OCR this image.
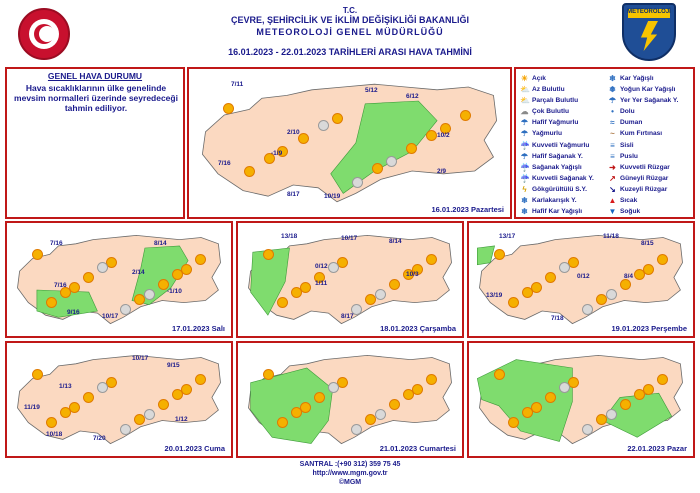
T.C.
ÇEVRE, ŞEHİRCİLİK VE İKLİM DEĞİŞİKLİĞİ BAKANLIĞI
METEOROLOJİ GENEL MÜDÜRLÜĞÜ
16.01.2023 - 22.01.2023 TARİHLERİ ARASI HAVA TAHMİNİ
METEOROLOJİ
GENEL HAVA DURUMU
Hava sıcaklıklarının ülke genelinde mevsim normalleri üzerinde seyredeceği tahmin ediliyor.
☀ Açık
⛅ Az Bulutlu
⛅ Parçalı Bulutlu
☁ Çok Bulutlu
☂ Hafif Yağmurlu
☂ Yağmurlu
☔ Kuvvetli Yağmurlu
☂ Hafif Sağanak Y.
☔ Sağanak Yağışlı
☔ Kuvvetli Sağanak Y.
ϟ Gökgürültülü S.Y.
❄ Karlakarışık Y.
❄ Hafif Kar Yağışlı
❄ Kar Yağışlı
❅ Yoğun Kar Yağışlı
☂ Yer Yer Sağanak Y.
• Dolu
≈ Duman
~ Kum Fırtınası
≡ Sisli
≡ Puslu
➜ Kuvvetli Rüzgar
↗ Güneyli Rüzgar
↘ Kuzeyli Rüzgar
▲ Sıcak
▼ Soğuk
7/11
5/12
6/12
2/10
-1/9
10/2
7/16
2/9
8/17	10/19
16.01.2023 Pazartesi
7/16
7/16
8/14
2/14
-1/10
9/16
10/17
17.01.2023 Salı
13/18	10/17	8/14
0/12
1/11
10/3
8/17
18.01.2023 Çarşamba
13/17	11/18
8/15
0/12	8/4
13/19
7/18
19.01.2023 Perşembe
10/17
9/15
1/13
11/19
1/12
10/18
7/20
20.01.2023 Cuma	21.01.2023 Cumartesi	22.01.2023 Pazar
SANTRAL :(+90 312) 359 75 45
http://www.mgm.gov.tr
©MGM
